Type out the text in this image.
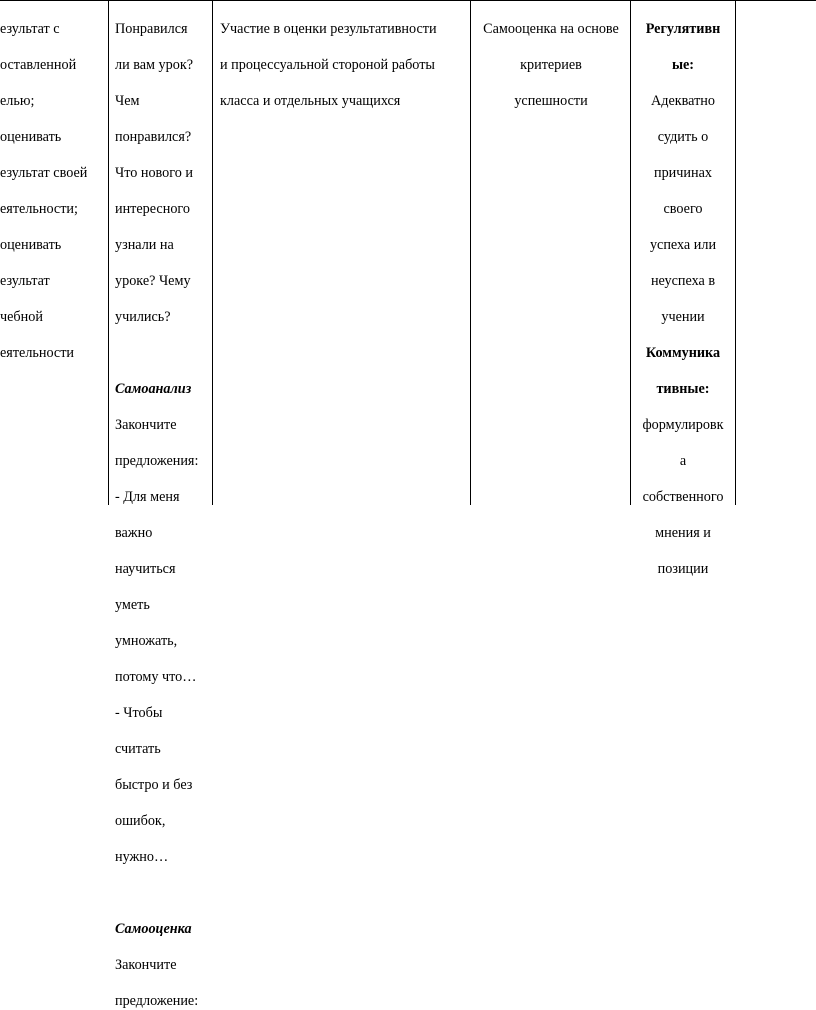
езультат с

оставленной

елью;

оценивать

езультат своей

еятельности;

оценивать

езультат

чебной

еятельности

Понравился

ли вам урок?

Чем

понравился?

Что нового и

интересного

узнали на

уроке? Чему

учились?

Самоанализ

Закончите

предложения:

- Для меня

важно

научиться

уметь

умножать,

потому что…

- Чтобы

считать

быстро и без

ошибок,

нужно…

Самооценка

Закончите

предложение:

Участие в оценки результативности

и процессуальной стороной работы

класса и отдельных учащихся

Самооценка на основе

критериев

успешности

Регулятивн

ые:

Адекватно

судить о

причинах

своего

успеха или

неуспеха в

учении

Коммуника

тивные:

формулировк

а

собственного

мнения и

позиции
